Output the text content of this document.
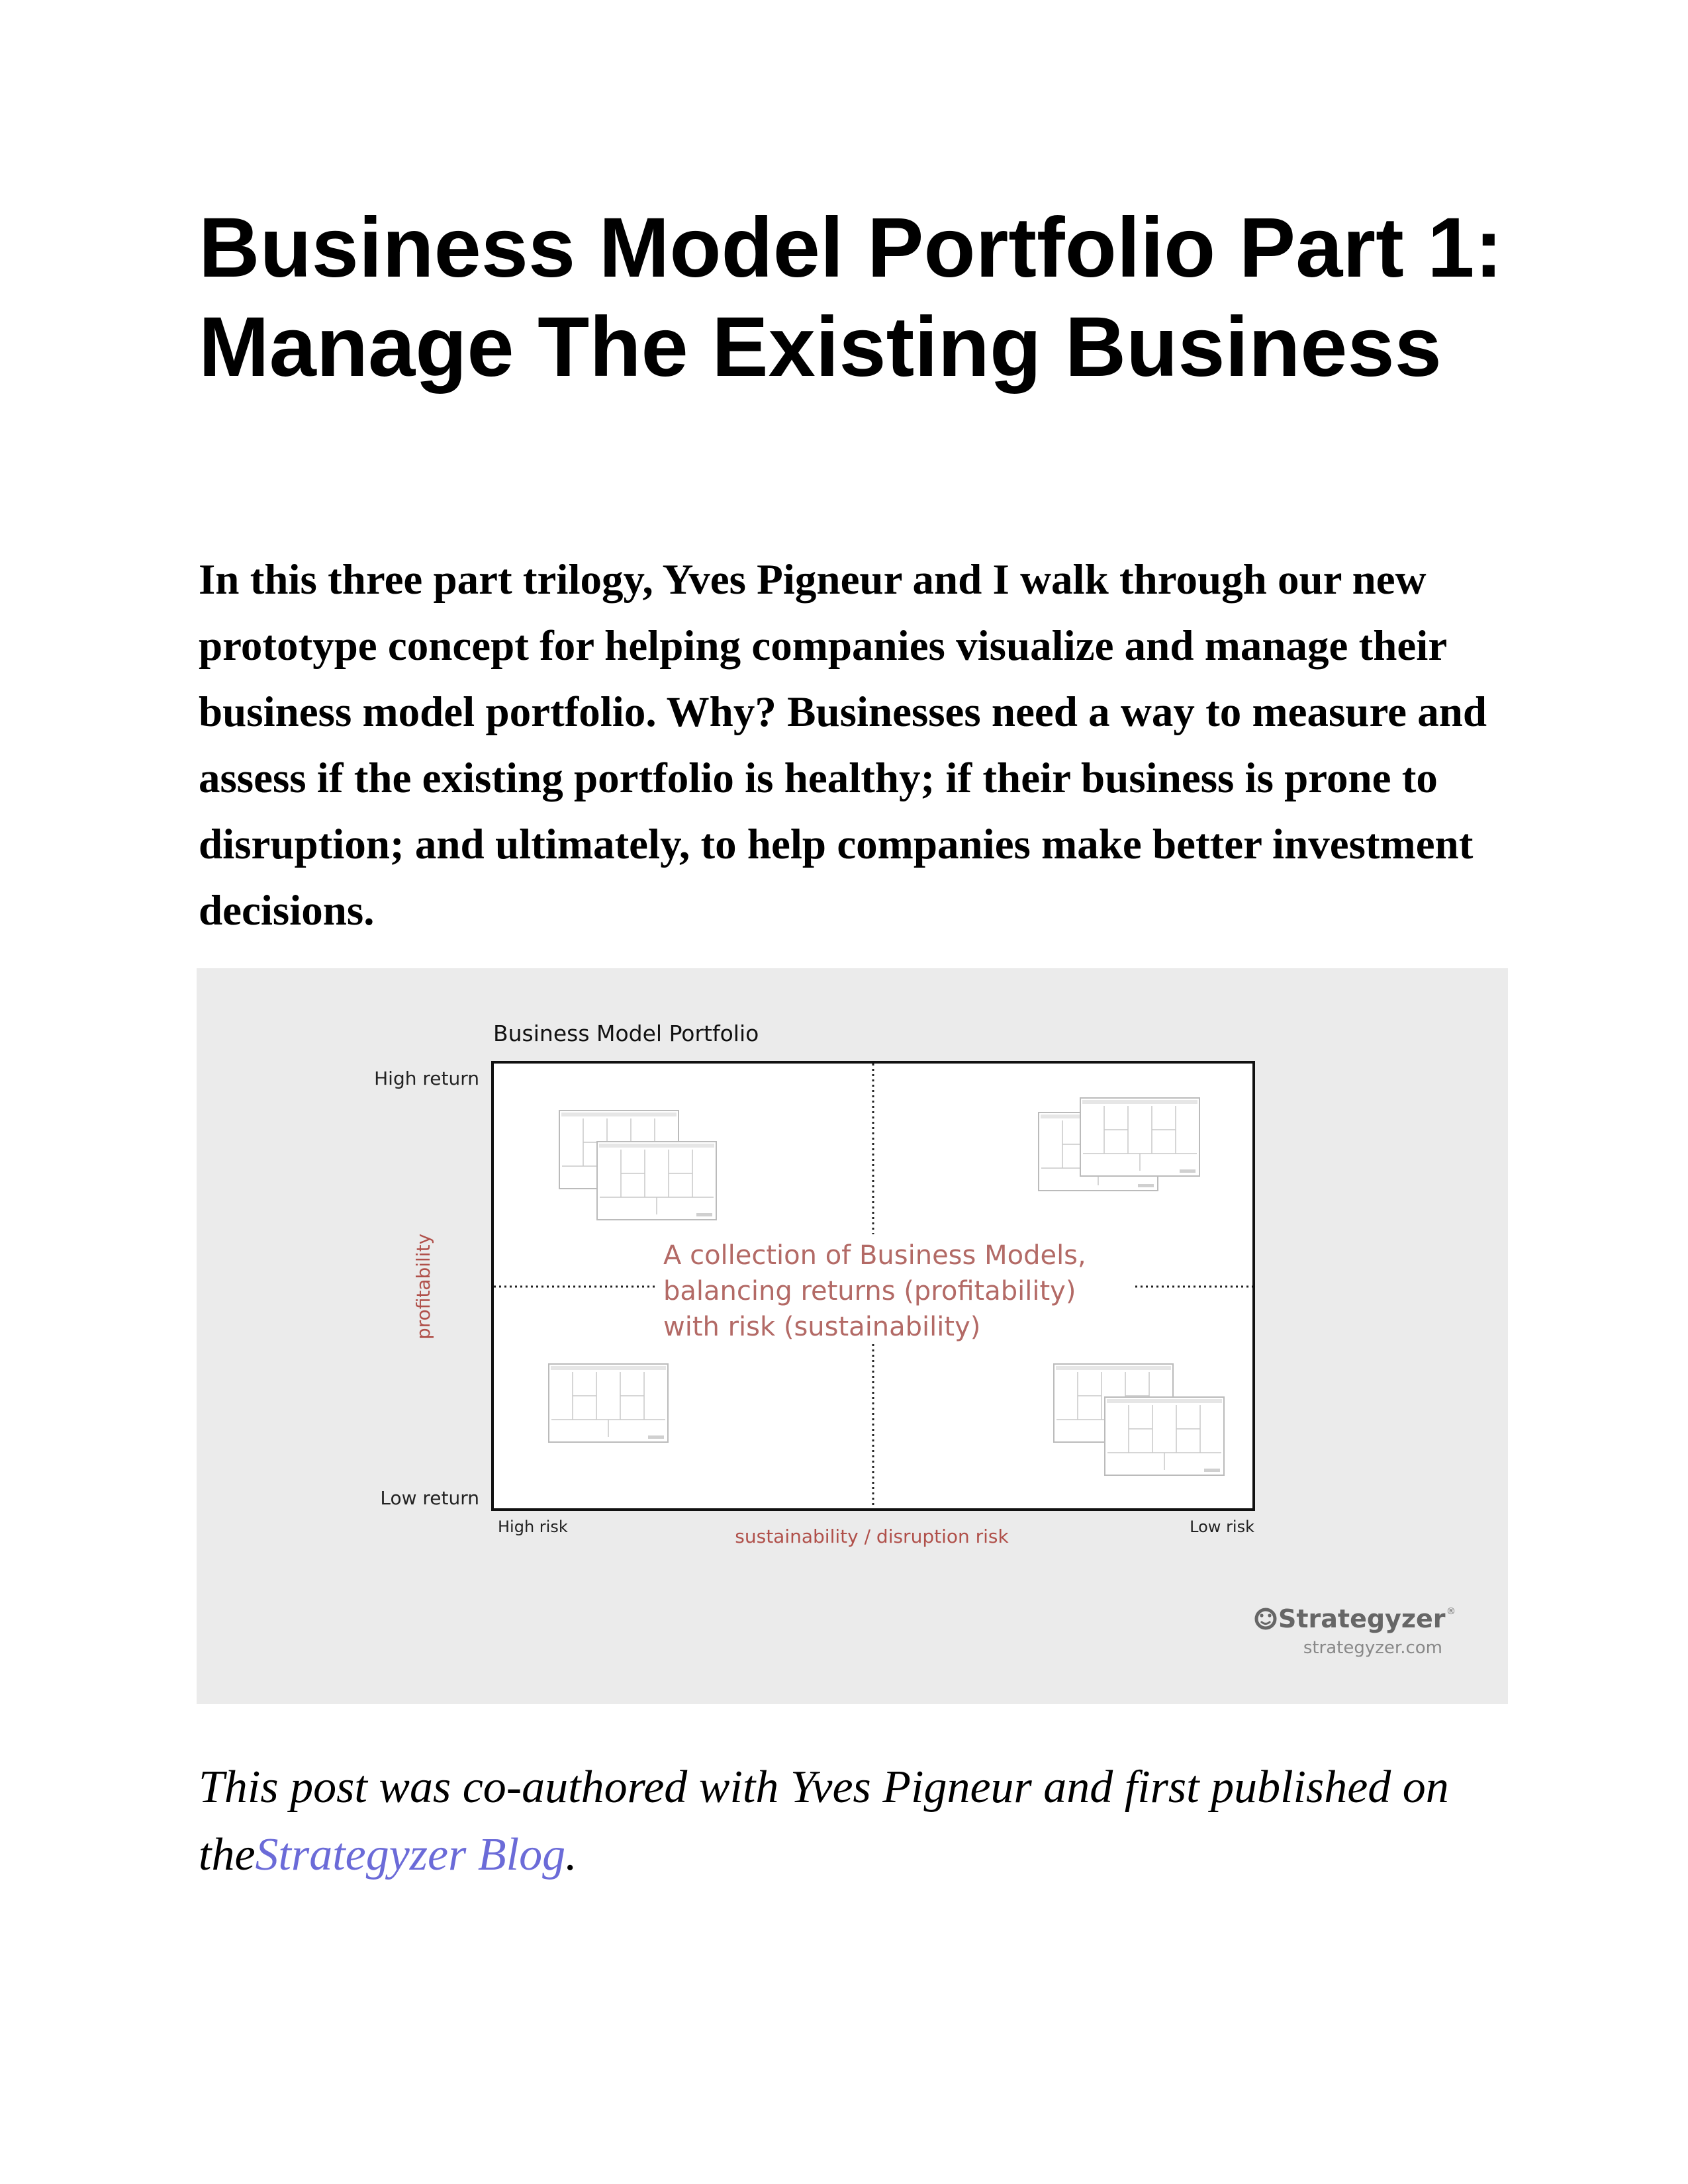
Business Model Portfolio Part 1: Manage The Existing Business

In this three part trilogy, Yves Pigneur and I walk through our new prototype concept for helping companies visualize and manage their business model portfolio. Why? Businesses need a way to measure and assess if the existing portfolio is healthy; if their business is prone to disruption; and ultimately, to help companies make better investment decisions.

Business Model Portfolio
High return
Low return
High risk	Low risk
profitability
sustainability / disruption risk
A collection of Business Models,
balancing returns (profitability)
with risk (sustainability)
Strategyzer ®
strategyzer.com

This post was co-authored with Yves Pigneur and first published on theStrategyzer Blog.
